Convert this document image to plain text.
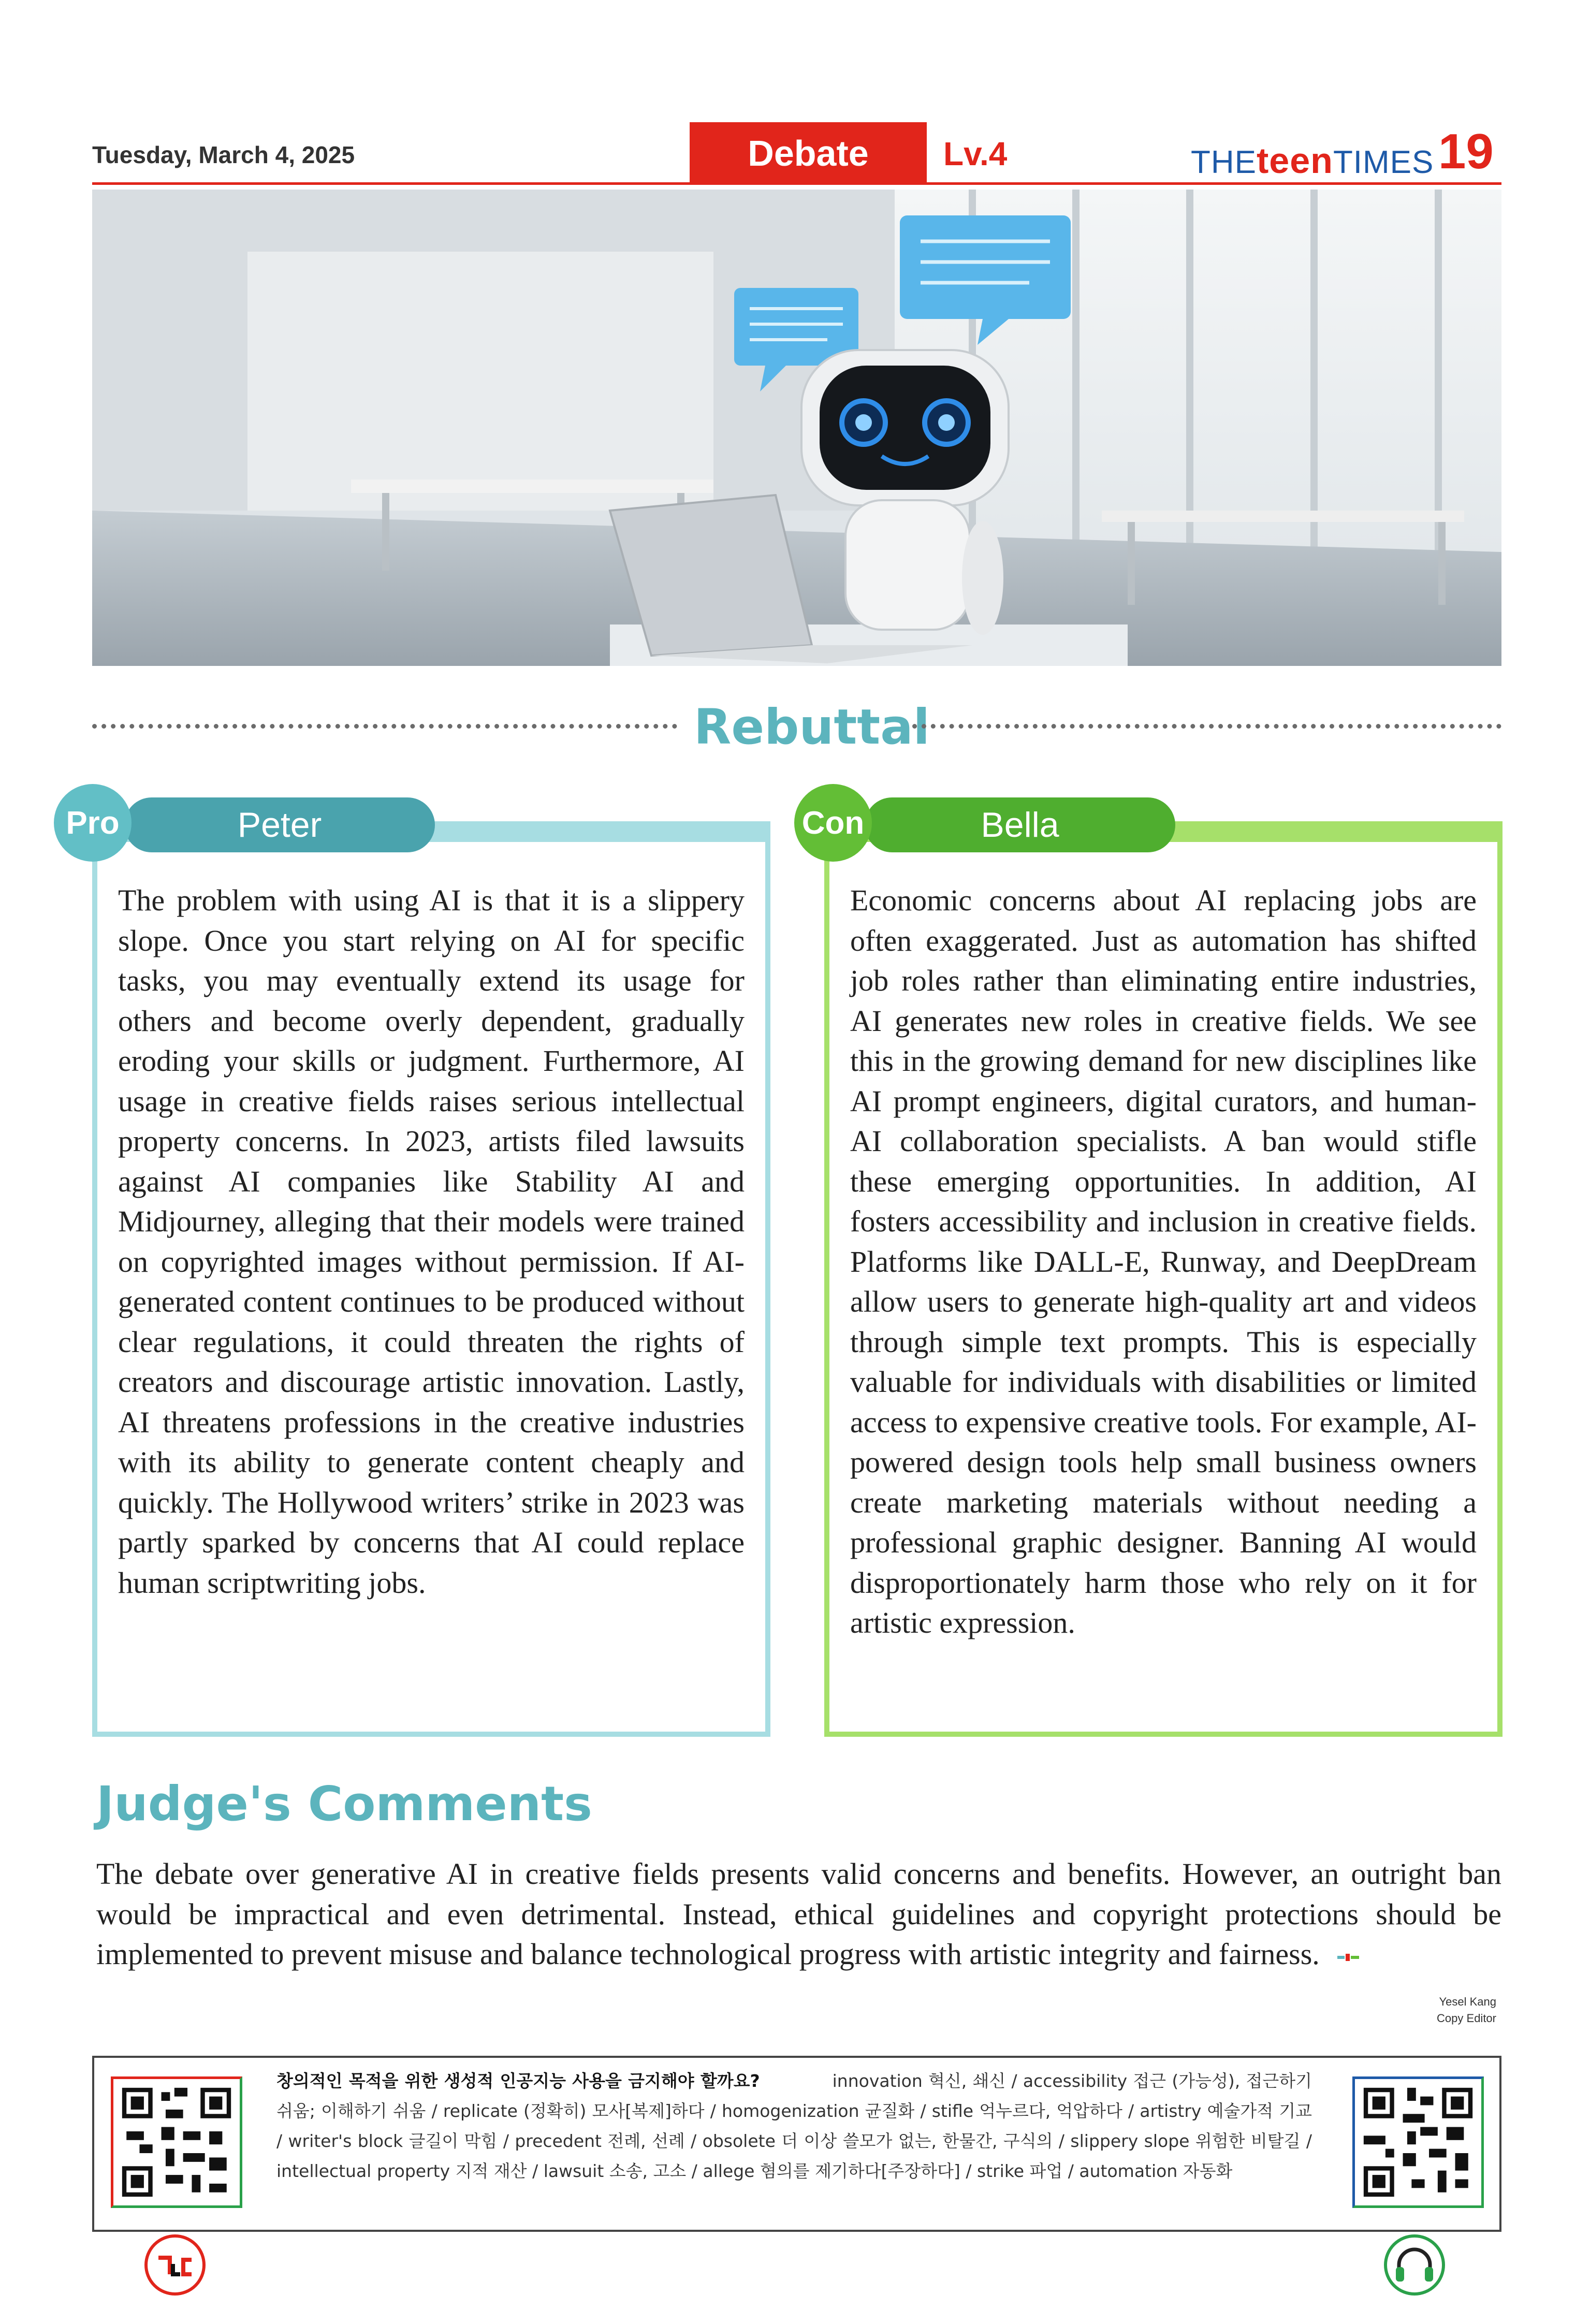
Tuesday, March 4, 2025	Debate Lv.4	THEteenTIMES 19
Rebuttal
Pro	Peter
The problem with using AI is that it is a slippery slope. Once you start relying on AI for specific tasks, you may eventually extend its usage for others and become overly dependent, gradually eroding your skills or judgment. Furthermore, AI usage in creative fields raises serious intellectual property concerns. In 2023, artists filed lawsuits against AI companies like Stability AI and Midjourney, alleging that their models were trained on copyrighted images without permission. If AI-generated content continues to be produced without clear regulations, it could threaten the rights of creators and discourage artistic innovation. Lastly, AI threatens professions in the creative industries with its ability to generate content cheaply and quickly. The Hollywood writers’ strike in 2023 was partly sparked by concerns that AI could replace human scriptwriting jobs.
Con	Bella
Economic concerns about AI replacing jobs are often exaggerated. Just as automation has shifted job roles rather than eliminating entire industries, AI generates new roles in creative fields. We see this in the growing demand for new disciplines like AI prompt engineers, digital curators, and human-AI collaboration specialists. A ban would stifle these emerging opportunities. In addition, AI fosters accessibility and inclusion in creative fields. Platforms like DALL-E, Runway, and DeepDream allow users to generate high-quality art and videos through simple text prompts. This is especially valuable for individuals with disabilities or limited access to expensive creative tools. For example, AI-powered design tools help small business owners create marketing materials without needing a professional graphic designer. Banning AI would disproportionately harm those who rely on it for artistic expression.
Judge's Comments
The debate over generative AI in creative fields presents valid concerns and benefits. However, an outright ban would be impractical and even detrimental. Instead, ethical guidelines and copyright protections should be implemented to prevent misuse and balance technological progress with artistic integrity and fairness.
Yesel Kang
Copy Editor
창의적인 목적을 위한 생성적 인공지능 사용을 금지해야 할까요?	innovation 혁신, 쇄신 / accessibility 접근 (가능성), 접근하기 쉬움; 이해하기 쉬움 / replicate (정확히) 모사[복제]하다 / homogenization 균질화 / stifle 억누르다, 억압하다 / artistry 예술가적 기교 / writer's block 글길이 막힘 / precedent 전례, 선례 / obsolete 더 이상 쓸모가 없는, 한물간, 구식의 / slippery slope 위험한 비탈길 / intellectual property 지적 재산 / lawsuit 소송, 고소 / allege 혐의를 제기하다[주장하다] / strike 파업 / automation 자동화
